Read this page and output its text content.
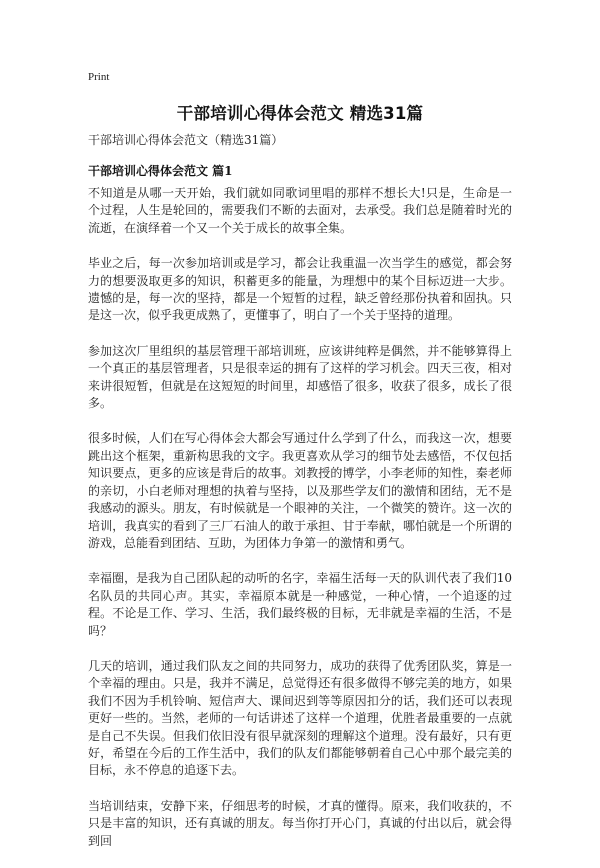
Print
干部培训心得体会范文 精选31篇

干部培训心得体会范文（精选31篇）

干部培训心得体会范文 篇1

不知道是从哪一天开始，我们就如同歌词里唱的那样不想长大!只是，生命是一个过程，人生是轮回的，需要我们不断的去面对，去承受。我们总是随着时光的流逝，在演绎着一个又一个关于成长的故事全集。

毕业之后，每一次参加培训或是学习，都会让我重温一次当学生的感觉，都会努力的想要汲取更多的知识，积蓄更多的能量，为理想中的某个目标迈进一大步。遗憾的是，每一次的坚持，都是一个短暂的过程，缺乏曾经那份执着和固执。只是这一次，似乎我更成熟了，更懂事了，明白了一个关于坚持的道理。

参加这次厂里组织的基层管理干部培训班，应该讲纯粹是偶然，并不能够算得上一个真正的基层管理者，只是很幸运的拥有了这样的学习机会。四天三夜，相对来讲很短暂，但就是在这短短的时间里，却感悟了很多，收获了很多，成长了很多。

很多时候，人们在写心得体会大都会写通过什么学到了什么，而我这一次，想要跳出这个框架，重新构思我的文字。我更喜欢从学习的细节处去感悟，不仅包括知识要点，更多的应该是背后的故事。刘教授的博学，小李老师的知性，秦老师的亲切，小白老师对理想的执着与坚持，以及那些学友们的激情和团结，无不是我感动的源头。朋友，有时候就是一个眼神的关注，一个微笑的赞许。这一次的培训，我真实的看到了三厂石油人的敢于承担、甘于奉献，哪怕就是一个所谓的游戏，总能看到团结、互助，为团体力争第一的激情和勇气。

幸福圈，是我为自己团队起的动听的名字，幸福生活每一天的队训代表了我们10名队员的共同心声。其实，幸福原本就是一种感觉，一种心情，一个追逐的过程。不论是工作、学习、生活，我们最终极的目标，无非就是幸福的生活，不是吗？

几天的培训，通过我们队友之间的共同努力，成功的获得了优秀团队奖，算是一个幸福的理由。只是，我并不满足，总觉得还有很多做得不够完美的地方，如果我们不因为手机铃响、短信声大、课间迟到等等原因扣分的话，我们还可以表现更好一些的。当然，老师的一句话讲述了这样一个道理，优胜者最重要的一点就是自己不失误。但我们依旧没有很早就深刻的理解这个道理。没有最好，只有更好，希望在今后的工作生活中，我们的队友们都能够朝着自己心中那个最完美的目标，永不停息的追逐下去。

当培训结束，安静下来，仔细思考的时候，才真的懂得。原来，我们收获的，不只是丰富的知识，还有真诚的朋友。每当你打开心门，真诚的付出以后，就会得到回
